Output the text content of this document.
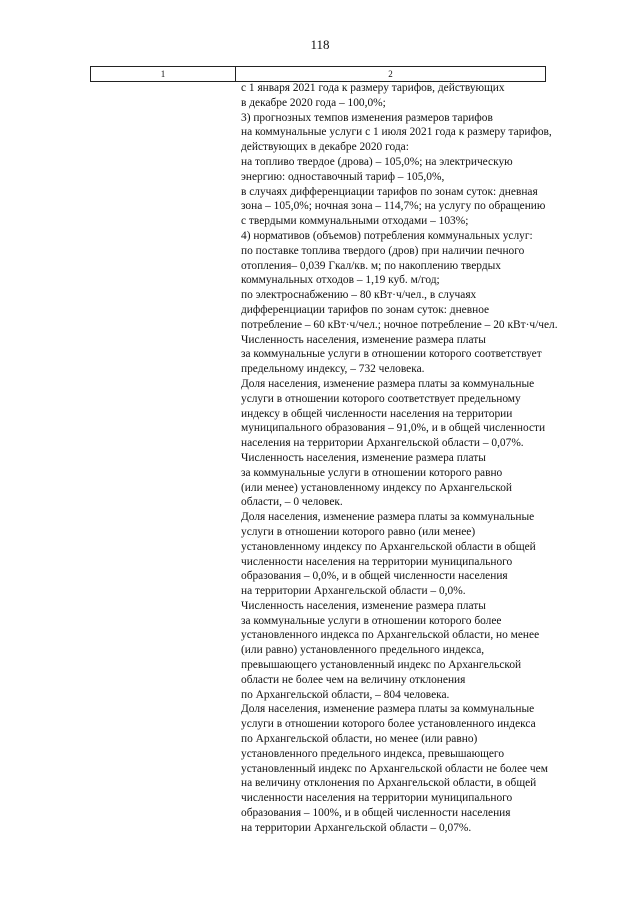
118
1	2
с 1 января 2021 года к размеру тарифов, действующих
в декабре 2020 года – 100,0%;
3) прогнозных темпов изменения размеров тарифов
на коммунальные услуги с 1 июля 2021 года к размеру тарифов,
действующих в декабре 2020 года:
на топливо твердое (дрова) – 105,0%; на электрическую
энергию: одноставочный тариф – 105,0%,
в случаях дифференциации тарифов по зонам суток: дневная
зона – 105,0%; ночная зона – 114,7%; на услугу по обращению
с твердыми коммунальными отходами – 103%;
4) нормативов (объемов) потребления коммунальных услуг:
по поставке топлива твердого (дров) при наличии печного
отопления– 0,039 Гкал/кв. м; по накоплению твердых
коммунальных отходов – 1,19 куб. м/год;
по электроснабжению – 80 кВт·ч/чел., в случаях
дифференциации тарифов по зонам суток: дневное
потребление – 60 кВт·ч/чел.; ночное потребление – 20 кВт·ч/чел.
Численность населения, изменение размера платы
за коммунальные услуги в отношении которого соответствует
предельному индексу, – 732 человека.
Доля населения, изменение размера платы за коммунальные
услуги в отношении которого соответствует предельному
индексу в общей численности населения на территории
муниципального образования – 91,0%, и в общей численности
населения на территории Архангельской области – 0,07%.
Численность населения, изменение размера платы
за коммунальные услуги в отношении которого равно
(или менее) установленному индексу по Архангельской
области, – 0 человек.
Доля населения, изменение размера платы за коммунальные
услуги в отношении которого равно (или менее)
установленному индексу по Архангельской области в общей
численности населения на территории муниципального
образования – 0,0%, и в общей численности населения
на территории Архангельской области – 0,0%.
Численность населения, изменение размера платы
за коммунальные услуги в отношении которого более
установленного индекса по Архангельской области, но менее
(или равно) установленного предельного индекса,
превышающего установленный индекс по Архангельской
области не более чем на величину отклонения
по Архангельской области, – 804 человека.
Доля населения, изменение размера платы за коммунальные
услуги в отношении которого более установленного индекса
по Архангельской области, но менее (или равно)
установленного предельного индекса, превышающего
установленный индекс по Архангельской области не более чем
на величину отклонения по Архангельской области, в общей
численности населения на территории муниципального
образования – 100%, и в общей численности населения
на территории Архангельской области – 0,07%.
